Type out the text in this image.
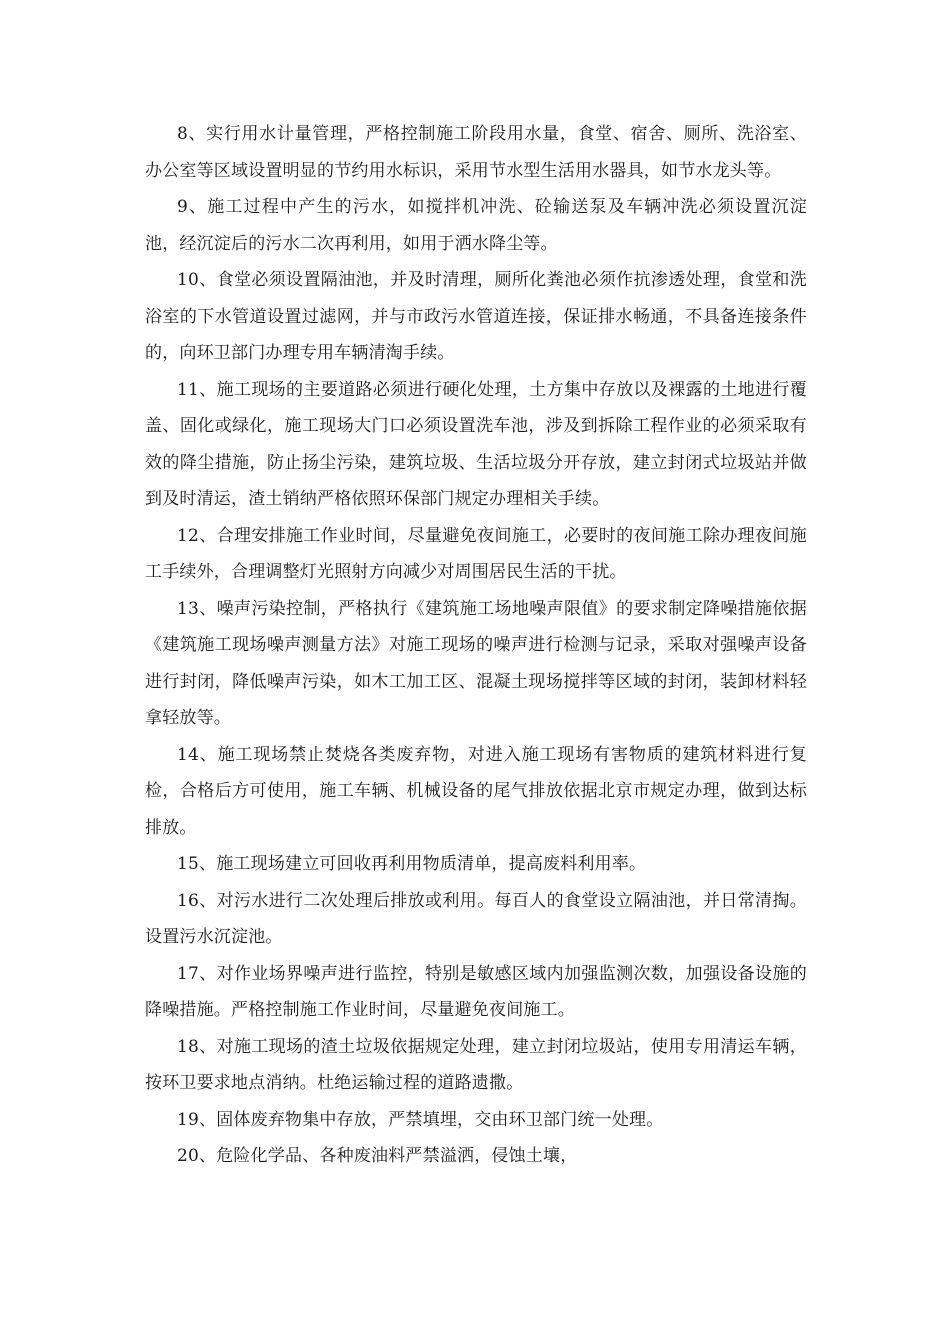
8、实行用水计量管理，严格控制施工阶段用水量，食堂、宿舍、厕所、洗浴室、办公室等区域设置明显的节约用水标识，采用节水型生活用水器具，如节水龙头等。

9、施工过程中产生的污水，如搅拌机冲洗、砼输送泵及车辆冲洗必须设置沉淀池，经沉淀后的污水二次再利用，如用于洒水降尘等。

10、食堂必须设置隔油池，并及时清理，厕所化粪池必须作抗渗透处理，食堂和洗浴室的下水管道设置过滤网，并与市政污水管道连接，保证排水畅通，不具备连接条件的，向环卫部门办理专用车辆清淘手续。

11、施工现场的主要道路必须进行硬化处理，土方集中存放以及裸露的土地进行覆盖、固化或绿化，施工现场大门口必须设置洗车池，涉及到拆除工程作业的必须采取有效的降尘措施，防止扬尘污染，建筑垃圾、生活垃圾分开存放，建立封闭式垃圾站并做到及时清运，渣土销纳严格依照环保部门规定办理相关手续。

12、合理安排施工作业时间，尽量避免夜间施工，必要时的夜间施工除办理夜间施工手续外，合理调整灯光照射方向减少对周围居民生活的干扰。

13、噪声污染控制，严格执行《建筑施工场地噪声限值》的要求制定降噪措施依据《建筑施工现场噪声测量方法》对施工现场的噪声进行检测与记录，采取对强噪声设备进行封闭，降低噪声污染，如木工加工区、混凝土现场搅拌等区域的封闭，装卸材料轻拿轻放等。

14、施工现场禁止焚烧各类废弃物，对进入施工现场有害物质的建筑材料进行复检，合格后方可使用，施工车辆、机械设备的尾气排放依据北京市规定办理，做到达标排放。

15、施工现场建立可回收再利用物质清单，提高废料利用率。

16、对污水进行二次处理后排放或利用。每百人的食堂设立隔油池，并日常清掏。设置污水沉淀池。

17、对作业场界噪声进行监控，特别是敏感区域内加强监测次数，加强设备设施的降噪措施。严格控制施工作业时间，尽量避免夜间施工。

18、对施工现场的渣土垃圾依据规定处理，建立封闭垃圾站，使用专用清运车辆，按环卫要求地点消纳。杜绝运输过程的道路遗撒。

19、固体废弃物集中存放，严禁填埋，交由环卫部门统一处理。

20、危险化学品、各种废油料严禁溢洒，侵蚀土壤，
